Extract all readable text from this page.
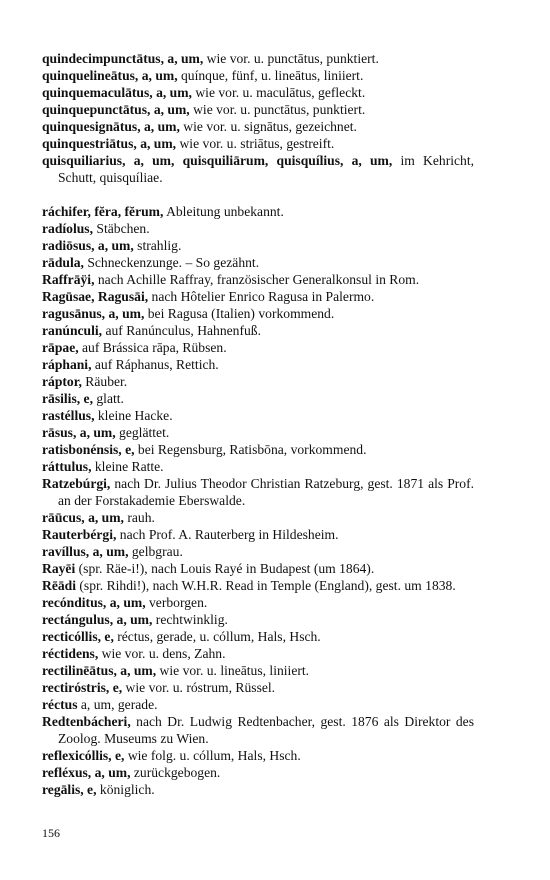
quindecimpunctātus, a, um, wie vor. u. punctātus, punktiert.

quinquelineātus, a, um, quínque, fünf, u. lineātus, liniiert.

quinquemaculātus, a, um, wie vor. u. maculātus, gefleckt.

quinquepunctātus, a, um, wie vor. u. punctātus, punktiert.

quinquesignātus, a, um, wie vor. u. signātus, gezeichnet.

quinquestriātus, a, um, wie vor. u. striātus, gestreift.

quisquiliarius, a, um, quisquiliārum, quisquílius, a, um, im Kehricht, Schutt, quisquíliae.

ráchifer, fĕra, fĕrum, Ableitung unbekannt.

radíolus, Stäbchen.

radiōsus, a, um, strahlig.

rādula, Schneckenzunge. – So gezähnt.

Raffrāÿi, nach Achille Raffray, französischer Generalkonsul in Rom.

Ragūsae, Ragusāi, nach Hôtelier Enrico Ragusa in Palermo.

ragusānus, a, um, bei Ragusa (Italien) vorkommend.

ranúnculi, auf Ranúnculus, Hahnenfuß.

rāpae, auf Brássica rāpa, Rübsen.

ráphani, auf Ráphanus, Rettich.

ráptor, Räuber.

rāsilis, e, glatt.

rastéllus, kleine Hacke.

rāsus, a, um, geglättet.

ratisbonénsis, e, bei Regensburg, Ratisbōna, vorkommend.

ráttulus, kleine Ratte.

Ratzebúrgi, nach Dr. Julius Theodor Christian Ratzeburg, gest. 1871 als Prof. an der Forstakademie Eberswalde.

rāūcus, a, um, rauh.

Rauterbérgi, nach Prof. A. Rauterberg in Hildesheim.

ravíllus, a, um, gelbgrau.

Rayēi (spr. Räe-i!), nach Louis Rayé in Budapest (um 1864).

Rēādi (spr. Rihdi!), nach W.H.R. Read in Temple (England), gest. um 1838.

recónditus, a, um, verborgen.

rectángulus, a, um, rechtwinklig.

recticóllis, e, réctus, gerade, u. cóllum, Hals, Hsch.

réctidens, wie vor. u. dens, Zahn.

rectilinēātus, a, um, wie vor. u. lineātus, liniiert.

rectiróstris, e, wie vor. u. róstrum, Rüssel.

réctus a, um, gerade.

Redtenbácheri, nach Dr. Ludwig Redtenbacher, gest. 1876 als Direktor des Zoolog. Museums zu Wien.

reflexicóllis, e, wie folg. u. cóllum, Hals, Hsch.

refléxus, a, um, zurückgebogen.

regālis, e, königlich.

156
